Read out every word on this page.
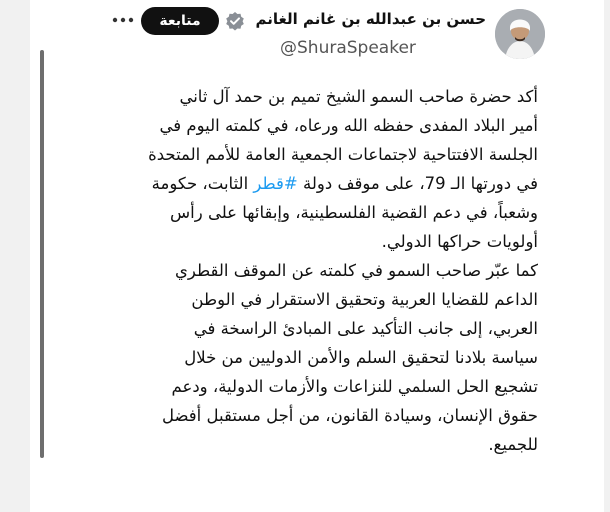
حسن بن عبدالله بن غانم الغانم
@ShuraSpeaker
متابعة
أكد حضرة صاحب السمو الشيخ تميم بن حمد آل ثاني
أمير البلاد المفدى حفظه الله ورعاه، في كلمته اليوم في
الجلسة الافتتاحية لاجتماعات الجمعية العامة للأمم المتحدة
في دورتها الـ 79، على موقف دولة #قطر الثابت، حكومة
وشعباً، في دعم القضية الفلسطينية، وإبقائها على رأس
أولويات حراكها الدولي.
كما عبّر صاحب السمو في كلمته عن الموقف القطري
الداعم للقضايا العربية وتحقيق الاستقرار في الوطن
العربي، إلى جانب التأكيد على المبادئ الراسخة في
سياسة بلادنا لتحقيق السلم والأمن الدوليين من خلال
تشجيع الحل السلمي للنزاعات والأزمات الدولية، ودعم
حقوق الإنسان، وسيادة القانون، من أجل مستقبل أفضل
للجميع.
